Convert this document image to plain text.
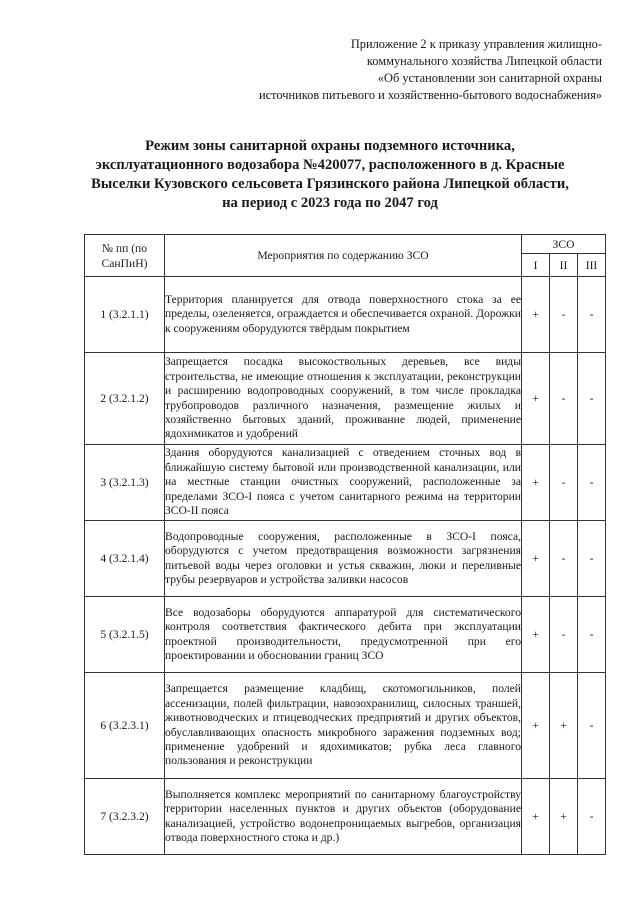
Приложение 2 к приказу управления жилищно-
коммунального хозяйства Липецкой области
«Об установлении зон санитарной охраны
источников питьевого и хозяйственно-бытового водоснабжения»
Режим зоны санитарной охраны подземного источника,
эксплуатационного водозабора №420077, расположенного в д. Красные
Выселки Кузовского сельсовета Грязинского района Липецкой области,
на период с 2023 года по 2047 год
№ пп (по СанПиН)	Мероприятия по содержанию ЗСО	ЗСО		
		I	II	III
1 (3.2.1.1)	Территория планируется для отвода поверхностного стока за ее пределы, озеленяется, ограждается и обеспечивается охраной. Дорожки к сооружениям оборудуются твёрдым покрытием	+	-	-
2 (3.2.1.2)	Запрещается посадка высокоствольных деревьев, все виды строительства, не имеющие отношения к эксплуатации, реконструкции и расширению водопроводных сооружений, в том числе прокладка трубопроводов различного назначения, размещение жилых и хозяйственно бытовых зданий, проживание людей, применение ядохимикатов и удобрений	+	-	-
3 (3.2.1.3)	Здания оборудуются канализацией с отведением сточных вод в ближайшую систему бытовой или производственной канализации, или на местные станции очистных сооружений, расположенные за пределами ЗСО-I пояса с учетом санитарного режима на территории ЗСО-II пояса	+	-	-
4 (3.2.1.4)	Водопроводные сооружения, расположенные в ЗСО-I пояса, оборудуются с учетом предотвращения возможности загрязнения питьевой воды через оголовки и устья скважин, люки и переливные трубы резервуаров и устройства заливки насосов	+	-	-
5 (3.2.1.5)	Все водозаборы оборудуются аппаратурой для систематического контроля соответствия фактического дебита при эксплуатации проектной производительности, предусмотренной при его проектировании и обосновании границ ЗСО	+	-	-
6 (3.2.3.1)	Запрещается размещение кладбищ, скотомогильников, полей ассенизации, полей фильтрации, навозохранилищ, силосных траншей, животноводческих и птицеводческих предприятий и других объектов, обуславливающих опасность микробного заражения подземных вод; применение удобрений и ядохимикатов; рубка леса главного пользования и реконструкции	+	+	-
7 (3.2.3.2)	Выполняется комплекс мероприятий по санитарному благоустройству территории населенных пунктов и других объектов (оборудование канализацией, устройство водонепроницаемых выгребов, организация отвода поверхностного стока и др.)	+	+	-
